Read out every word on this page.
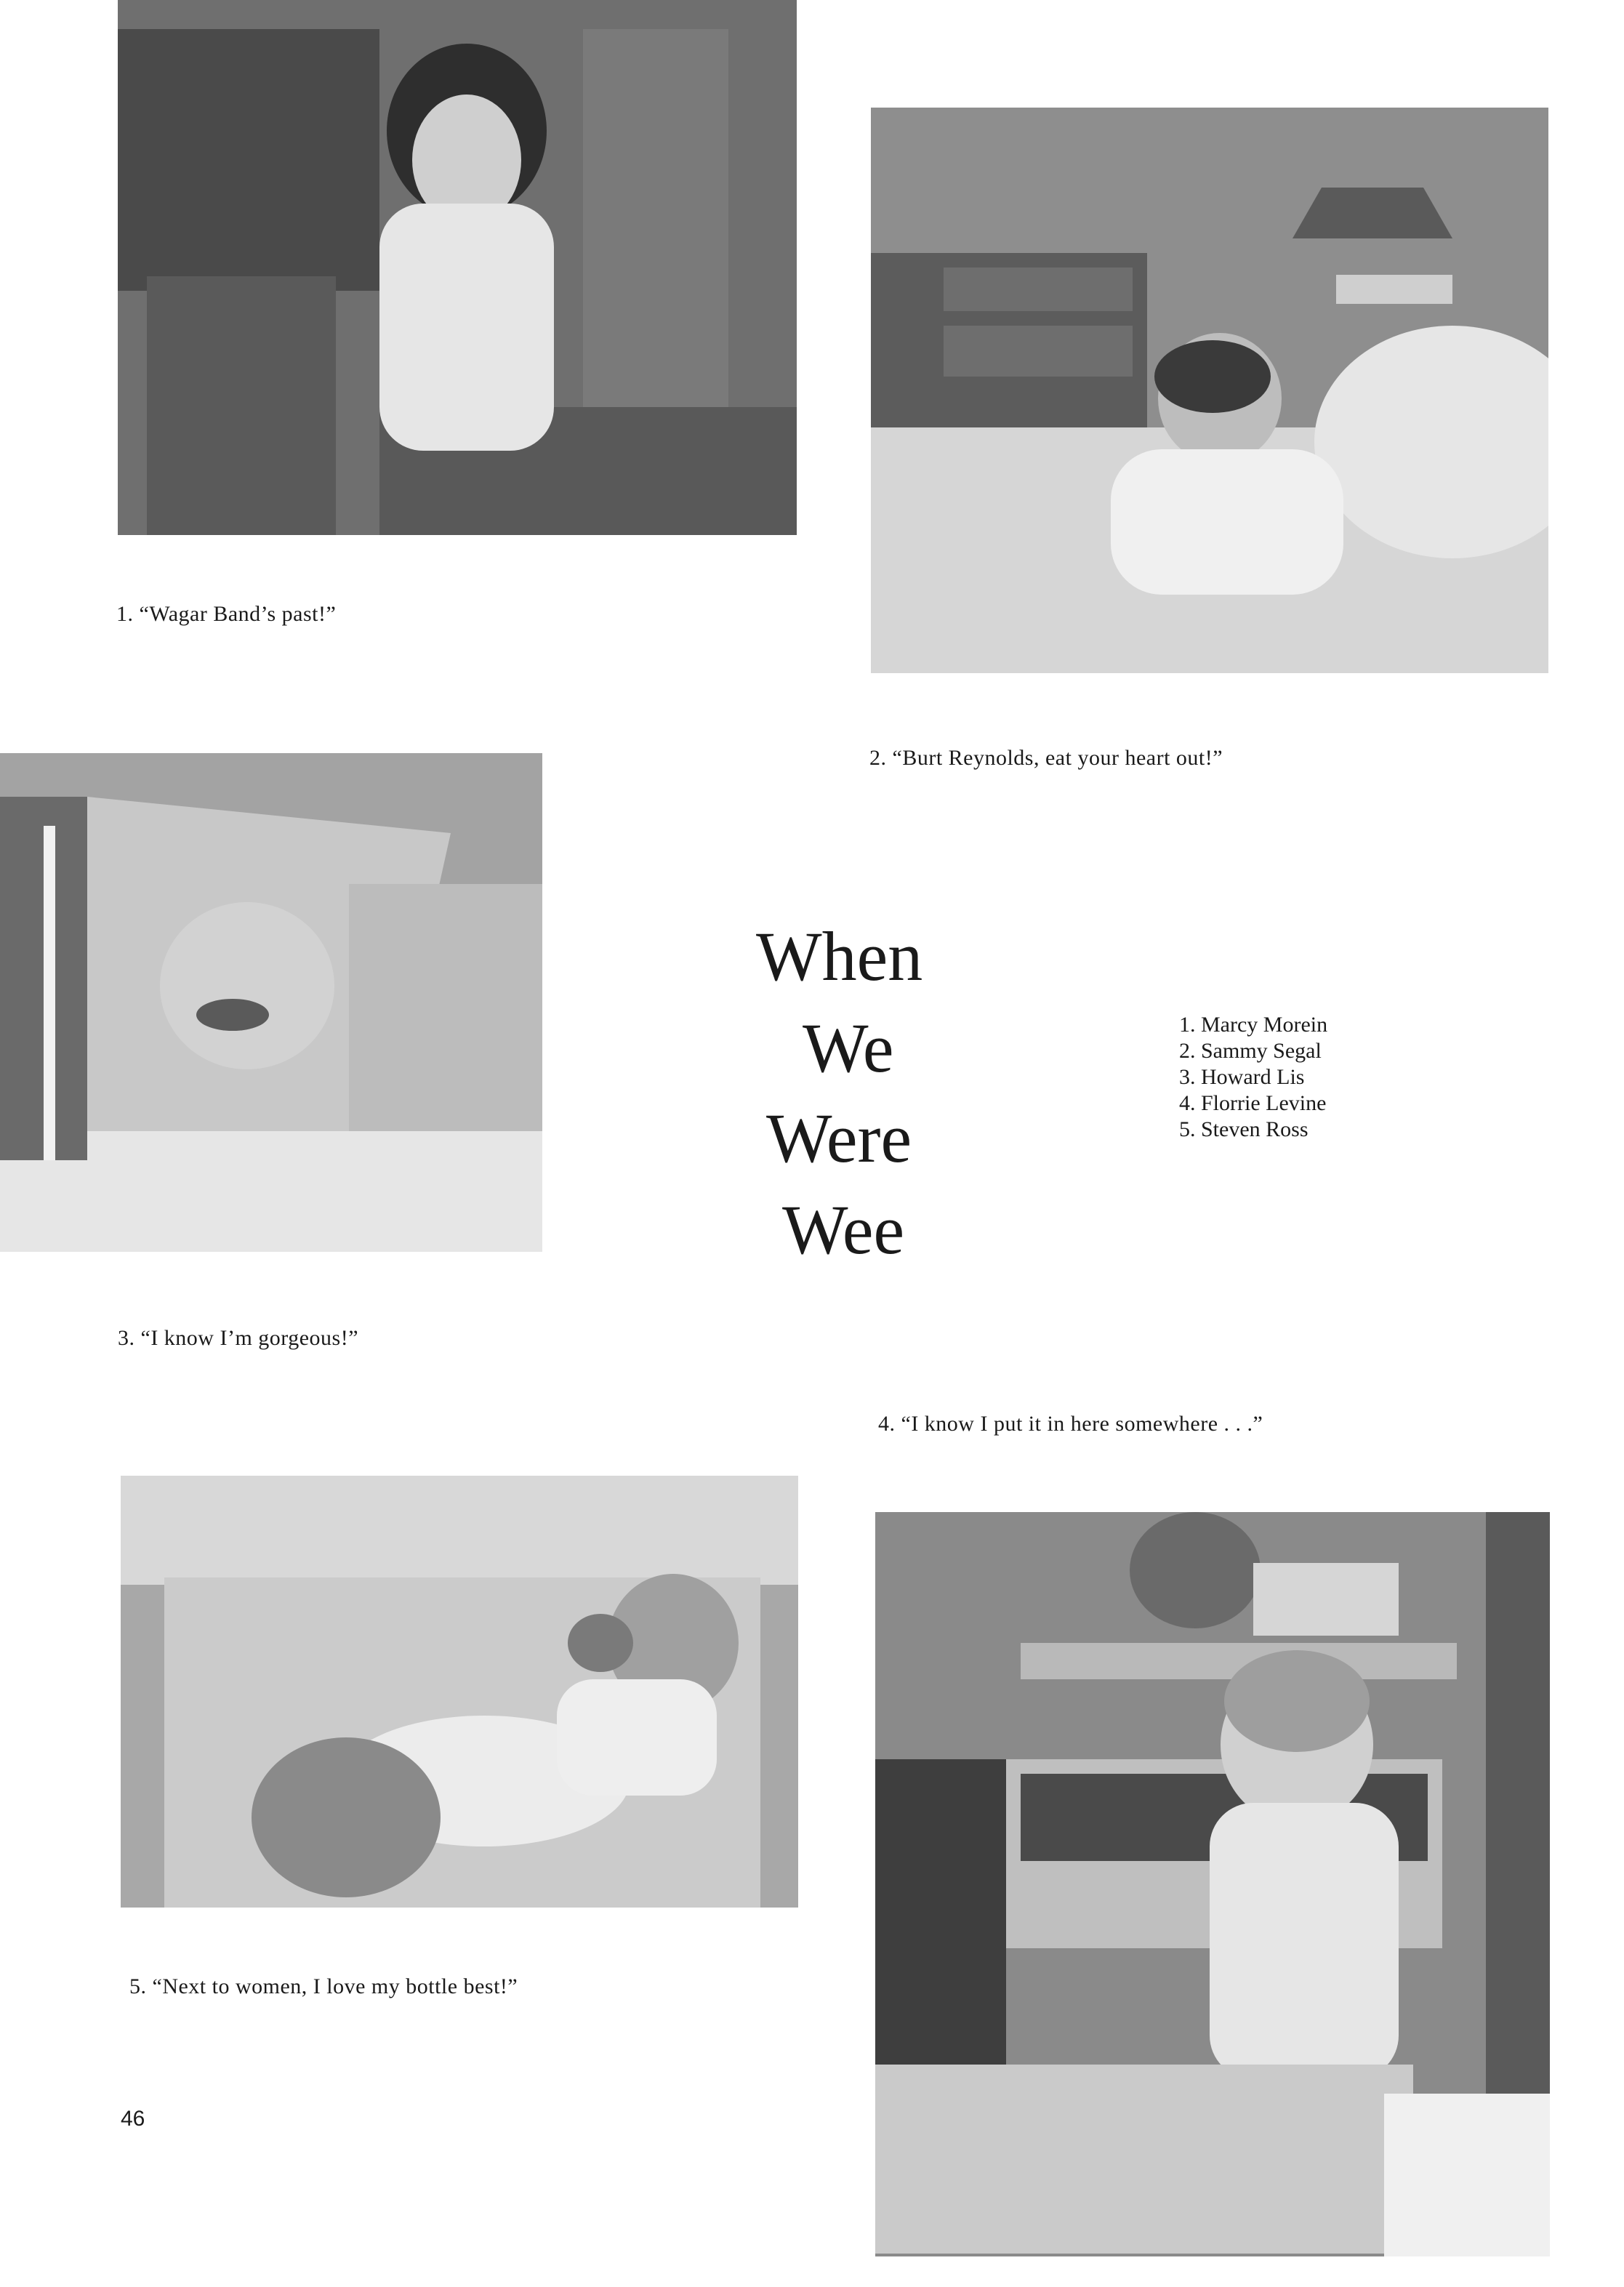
1. “Wagar Band’s past!”
2. “Burt Reynolds, eat your heart out!”
3. “I know I’m gorgeous!”
When
We
Were
Wee
1. Marcy Morein
2. Sammy Segal
3. Howard Lis
4. Florrie Levine
5. Steven Ross
4. “I know I put it in here somewhere . . .”
5. “Next to women, I love my bottle best!”
46
